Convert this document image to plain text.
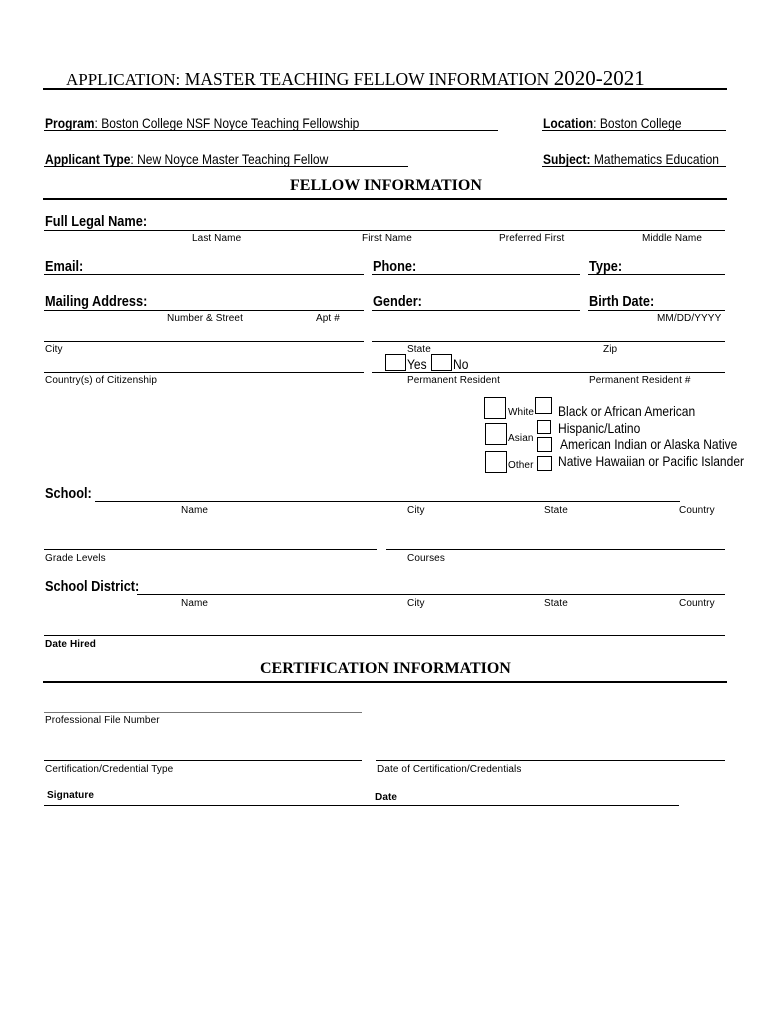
APPLICATION: MASTER TEACHING FELLOW INFORMATION 2020-2021
Program: Boston College NSF Noyce Teaching Fellowship	Location: Boston College
Applicant Type: New Noyce Master Teaching Fellow	Subject: Mathematics Education
FELLOW INFORMATION
Full Legal Name:
Last Name	First Name	Preferred First	Middle Name
Email:	Phone:	Type:
Mailing Address:	Gender:	Birth Date:
Number & Street	Apt #	MM/DD/YYYY
City	State	Zip
Yes No
Country(s) of Citizenship	Permanent Resident	Permanent Resident #
White
Asian
Other
Black or African American
Hispanic/Latino
American Indian or Alaska Native
Native Hawaiian or Pacific Islander
School:
Name	City	State	Country
Grade Levels	Courses
School District:
Name	City	State	Country
Date Hired
CERTIFICATION INFORMATION
Professional File Number
Certification/Credential Type	Date of Certification/Credentials
Signature	Date
